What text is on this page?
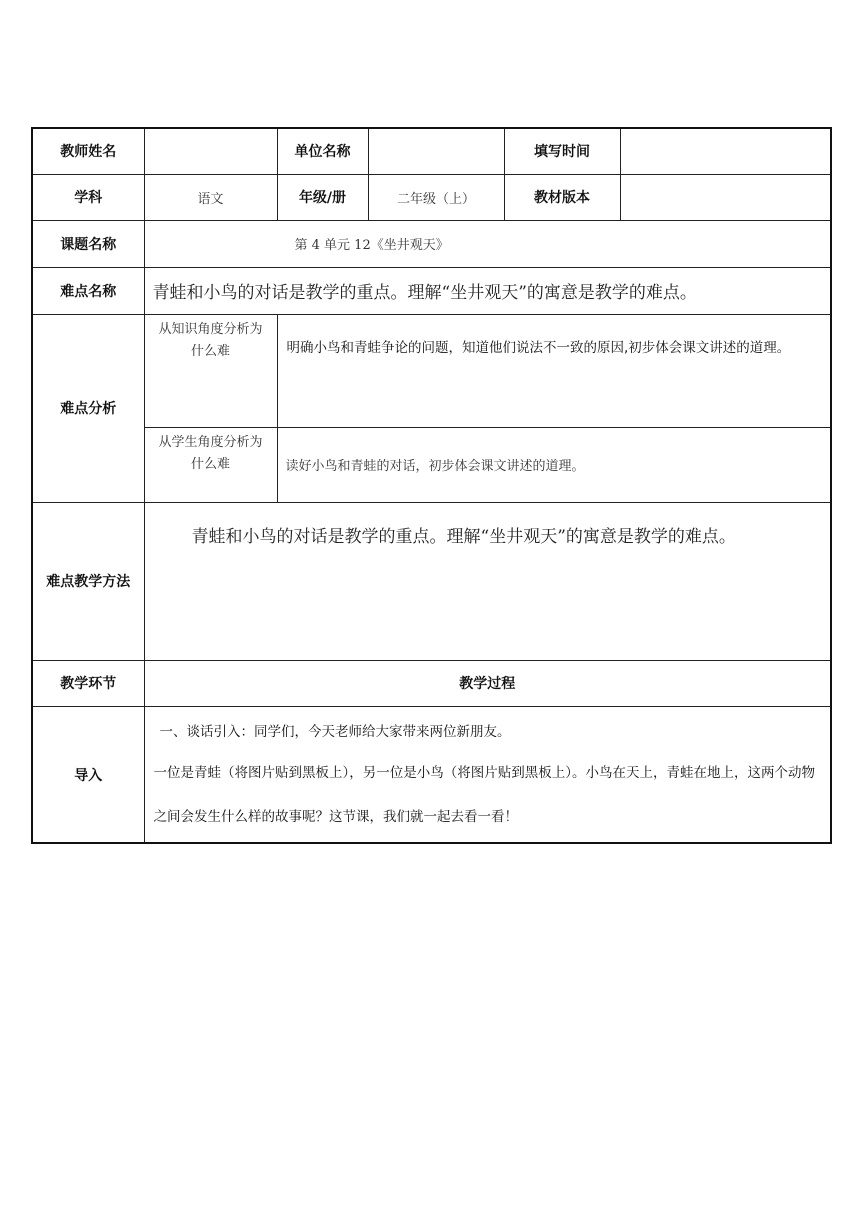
教师姓名		单位名称		填写时间	
学科	语文	年级/册	二年级（上）	教材版本	
课题名称	第 4 单元 12《坐井观天》				
难点名称	青蛙和小鸟的对话是教学的重点。理解“坐井观天”的寓意是教学的难点。				
难点分析	从知识角度分析为什么难	明确小鸟和青蛙争论的问题，知道他们说法不一致的原因,初步体会课文讲述的道理。			
	从学生角度分析为什么难	读好小鸟和青蛙的对话，初步体会课文讲述的道理。			
难点教学方法	青蛙和小鸟的对话是教学的重点。理解“坐井观天”的寓意是教学的难点。				
教学环节	教学过程				
导入	一、谈话引入：同学们，今天老师给大家带来两位新朋友。

一位是青蛙（将图片贴到黑板上），另一位是小鸟（将图片贴到黑板上）。小鸟在天上，青蛙在地上，这两个动物之间会发生什么样的故事呢？这节课，我们就一起去看一看！				
